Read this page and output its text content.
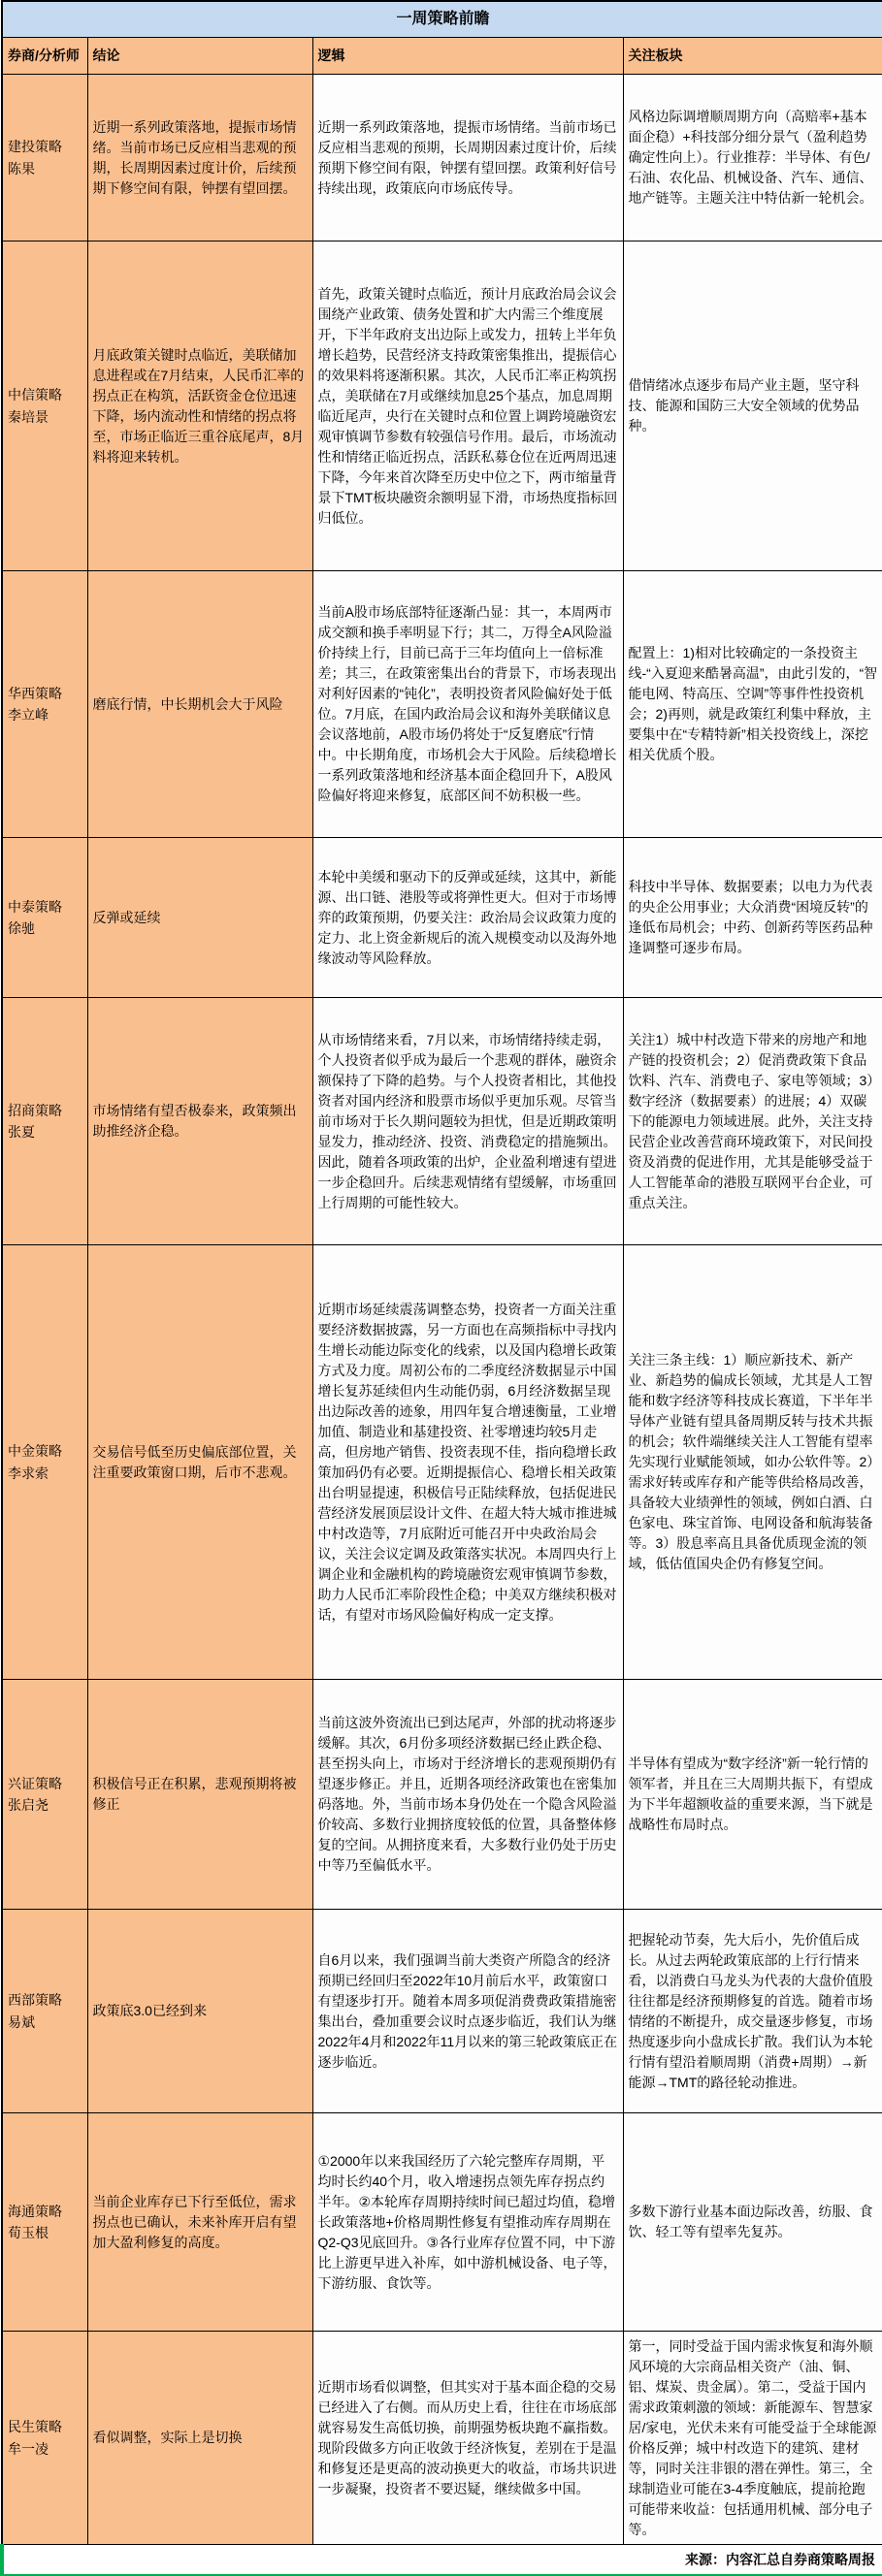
一周策略前瞻			
券商/分析师	结论	逻辑	关注板块

建投策略
陈果	近期一系列政策落地，提振市场情绪。当前市场已反应相当悲观的预期，长周期因素过度计价，后续预期下修空间有限，钟摆有望回摆。	近期一系列政策落地，提振市场情绪。当前市场已反应相当悲观的预期，长周期因素过度计价，后续预期下修空间有限，钟摆有望回摆。政策利好信号持续出现，政策底向市场底传导。	风格边际调增顺周期方向（高赔率+基本面企稳）+科技部分细分景气（盈利趋势确定性向上）。行业推荐：半导体、有色/石油、农化品、机械设备、汽车、通信、地产链等。主题关注中特估新一轮机会。

中信策略
秦培景	月底政策关键时点临近，美联储加息进程或在7月结束，人民币汇率的拐点正在构筑，活跃资金仓位迅速下降，场内流动性和情绪的拐点将至，市场正临近三重谷底尾声，8月料将迎来转机。	首先，政策关键时点临近，预计月底政治局会议会围绕产业政策、债务处置和扩大内需三个维度展开，下半年政府支出边际上或发力，扭转上半年负增长趋势，民营经济支持政策密集推出，提振信心的效果料将逐渐积累。其次，人民币汇率正构筑拐点，美联储在7月或继续加息25个基点，加息周期临近尾声，央行在关键时点和位置上调跨境融资宏观审慎调节参数有较强信号作用。最后，市场流动性和情绪正临近拐点，活跃私募仓位在近两周迅速下降，今年来首次降至历史中位之下，两市缩量背景下TMT板块融资余额明显下滑，市场热度指标回归低位。	借情绪冰点逐步布局产业主题，坚守科技、能源和国防三大安全领域的优势品种。

华西策略
李立峰	磨底行情，中长期机会大于风险	当前A股市场底部特征逐渐凸显：其一，本周两市成交额和换手率明显下行；其二，万得全A风险溢价持续上行，目前已高于三年均值向上一倍标准差；其三，在政策密集出台的背景下，市场表现出对利好因素的“钝化”，表明投资者风险偏好处于低位。7月底，在国内政治局会议和海外美联储议息会议落地前，A股市场仍将处于“反复磨底”行情中。中长期角度，市场机会大于风险。后续稳增长一系列政策落地和经济基本面企稳回升下，A股风险偏好将迎来修复，底部区间不妨积极一些。	配置上：1)相对比较确定的一条投资主线-“入夏迎来酷暑高温”，由此引发的，“智能电网、特高压、空调”等事件性投资机会；2)再则，就是政策红利集中释放，主要集中在“专精特新”相关投资线上，深挖相关优质个股。

中泰策略
徐驰	反弹或延续	本轮中美缓和驱动下的反弹或延续，这其中，新能源、出口链、港股等或将弹性更大。但对于市场博弈的政策预期，仍要关注：政治局会议政策力度的定力、北上资金新规后的流入规模变动以及海外地缘波动等风险释放。	科技中半导体、数据要素；以电力为代表的央企公用事业；大众消费“困境反转”的逢低布局机会；中药、创新药等医药品种逢调整可逐步布局。

招商策略
张夏	市场情绪有望否极泰来，政策频出助推经济企稳。	从市场情绪来看，7月以来，市场情绪持续走弱，个人投资者似乎成为最后一个悲观的群体，融资余额保持了下降的趋势。与个人投资者相比，其他投资者对国内经济和股票市场似乎更加乐观。尽管当前市场对于长久期问题较为担忧，但是近期政策明显发力，推动经济、投资、消费稳定的措施频出。因此，随着各项政策的出炉，企业盈利增速有望进一步企稳回升。后续悲观情绪有望缓解，市场重回上行周期的可能性较大。	关注1）城中村改造下带来的房地产和地产链的投资机会；2）促消费政策下食品饮料、汽车、消费电子、家电等领域；3）数字经济（数据要素）的进展；4）双碳下的能源电力领域进展。此外，关注支持民营企业改善营商环境政策下，对民间投资及消费的促进作用，尤其是能够受益于人工智能革命的港股互联网平台企业，可重点关注。

中金策略
李求索	交易信号低至历史偏底部位置，关注重要政策窗口期，后市不悲观。	近期市场延续震荡调整态势，投资者一方面关注重要经济数据披露，另一方面也在高频指标中寻找内生增长动能边际变化的线索，以及国内稳增长政策方式及力度。周初公布的二季度经济数据显示中国增长复苏延续但内生动能仍弱，6月经济数据呈现出边际改善的迹象，用四年复合增速衡量，工业增加值、制造业和基建投资、社零增速均较5月走高，但房地产销售、投资表现不佳，指向稳增长政策加码仍有必要。近期提振信心、稳增长相关政策出台明显提速，积极信号正陆续释放，包括促进民营经济发展顶层设计文件、在超大特大城市推进城中村改造等，7月底附近可能召开中央政治局会议，关注会议定调及政策落实状况。本周四央行上调企业和金融机构的跨境融资宏观审慎调节参数，助力人民币汇率阶段性企稳；中美双方继续积极对话，有望对市场风险偏好构成一定支撑。	关注三条主线：1）顺应新技术、新产业、新趋势的偏成长领域，尤其是人工智能和数字经济等科技成长赛道，下半年半导体产业链有望具备周期反转与技术共振的机会；软件端继续关注人工智能有望率先实现行业赋能领域，如办公软件等。2）需求好转或库存和产能等供给格局改善，具备较大业绩弹性的领域，例如白酒、白色家电、珠宝首饰、电网设备和航海装备等。3）股息率高且具备优质现金流的领域，低估值国央企仍有修复空间。

兴证策略
张启尧	积极信号正在积累，悲观预期将被修正	当前这波外资流出已到达尾声，外部的扰动将逐步缓解。其次，6月份多项经济数据已经止跌企稳、甚至拐头向上，市场对于经济增长的悲观预期仍有望逐步修正。并且，近期各项经济政策也在密集加码落地。外，当前市场本身仍处在一个隐含风险溢价较高、多数行业拥挤度较低的位置，具备整体修复的空间。从拥挤度来看，大多数行业仍处于历史中等乃至偏低水平。	半导体有望成为“数字经济”新一轮行情的领军者，并且在三大周期共振下，有望成为下半年超额收益的重要来源，当下就是战略性布局时点。

西部策略
易斌	政策底3.0已经到来	自6月以来，我们强调当前大类资产所隐含的经济预期已经回归至2022年10月前后水平，政策窗口有望逐步打开。随着本周多项促消费费政策措施密集出台，叠加重要会议时点逐步临近，我们认为继2022年4月和2022年11月以来的第三轮政策底正在逐步临近。	把握轮动节奏，先大后小，先价值后成长。从过去两轮政策底部的上行行情来看，以消费白马龙头为代表的大盘价值股往往都是经济预期修复的首选。随着市场情绪的不断提升，成交量逐步修复，市场热度逐步向小盘成长扩散。我们认为本轮行情有望沿着顺周期（消费+周期）→新能源→TMT的路径轮动推进。

海通策略
荀玉根	当前企业库存已下行至低位，需求拐点也已确认，未来补库开启有望加大盈利修复的高度。	①2000年以来我国经历了六轮完整库存周期，平均时长约40个月，收入增速拐点领先库存拐点约半年。②本轮库存周期持续时间已超过均值，稳增长政策落地+价格周期性修复有望推动库存周期在Q2-Q3见底回升。③各行业库存位置不同，中下游比上游更早进入补库，如中游机械设备、电子等，下游纺服、食饮等。	多数下游行业基本面边际改善，纺服、食饮、轻工等有望率先复苏。

民生策略
牟一凌	看似调整，实际上是切换	近期市场看似调整，但其实对于基本面企稳的交易已经进入了右侧。而从历史上看，往往在市场底部就容易发生高低切换，前期强势板块跑不赢指数。现阶段做多方向正收敛于经济恢复，差别在于是温和修复还是更高的波动换更大的收益，市场共识进一步凝聚，投资者不要迟疑，继续做多中国。	第一，同时受益于国内需求恢复和海外顺风环境的大宗商品相关资产（油、铜、铝、煤炭、贵金属）。第二，受益于国内需求政策刺激的领域：新能源车、智慧家居/家电，光伏未来有可能受益于全球能源价格反弹；城中村改造下的建筑、建材等，同时关注非银的潜在弹性。第三，全球制造业可能在3-4季度触底，提前抢跑可能带来收益：包括通用机械、部分电子等。
来源：内容汇总自券商策略周报			
